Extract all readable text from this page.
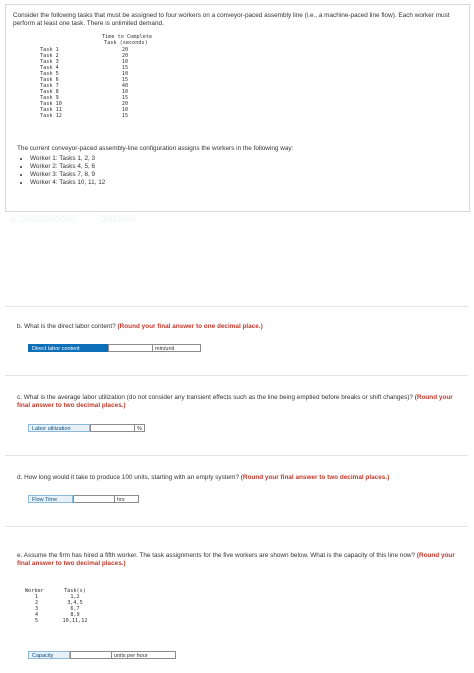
Consider the following tasks that must be assigned to four workers on a conveyor-paced assembly line (i.e., a machine-paced line flow). Each worker must perform at least one task. There is unlimited demand.
Time to Complete
Task (seconds)
Task 1	20
Task 2	20
Task 3	10
Task 4	15
Task 5	10
Task 6	15
Task 7	40
Task 8	10
Task 9	15
Task 10	20
Task 11	10
Task 12	15
The current conveyor-paced assembly-line configuration assigns the workers in the following way:
• Worker 1: Tasks 1, 2, 3
• Worker 2: Tasks 4, 5, 6
• Worker 3: Tasks 7, 8, 9
• Worker 4: Tasks 10, 11, 12
a. 00000000000          0000000
b. What is the direct labor content? (Round your final answer to one decimal place.)
Direct labor content	min/unit
c. What is the average labor utilization (do not consider any transient effects such as the line being emptied before breaks or shift changes)? (Round your final answer to two decimal places.)
Labor utilization	%
d. How long would it take to produce 100 units, starting with an empty system? (Round your final answer to two decimal places.)
Flow Time	hrs
e. Assume the firm has hired a fifth worker. The task assignments for the five workers are shown below. What is the capacity of this line now? (Round your final answer to two decimal places.)
Worker	Task(s)
1	1,2
2	3,4,5
3	6,7
4	8,9
5	10,11,12
Capacity	units per hour
